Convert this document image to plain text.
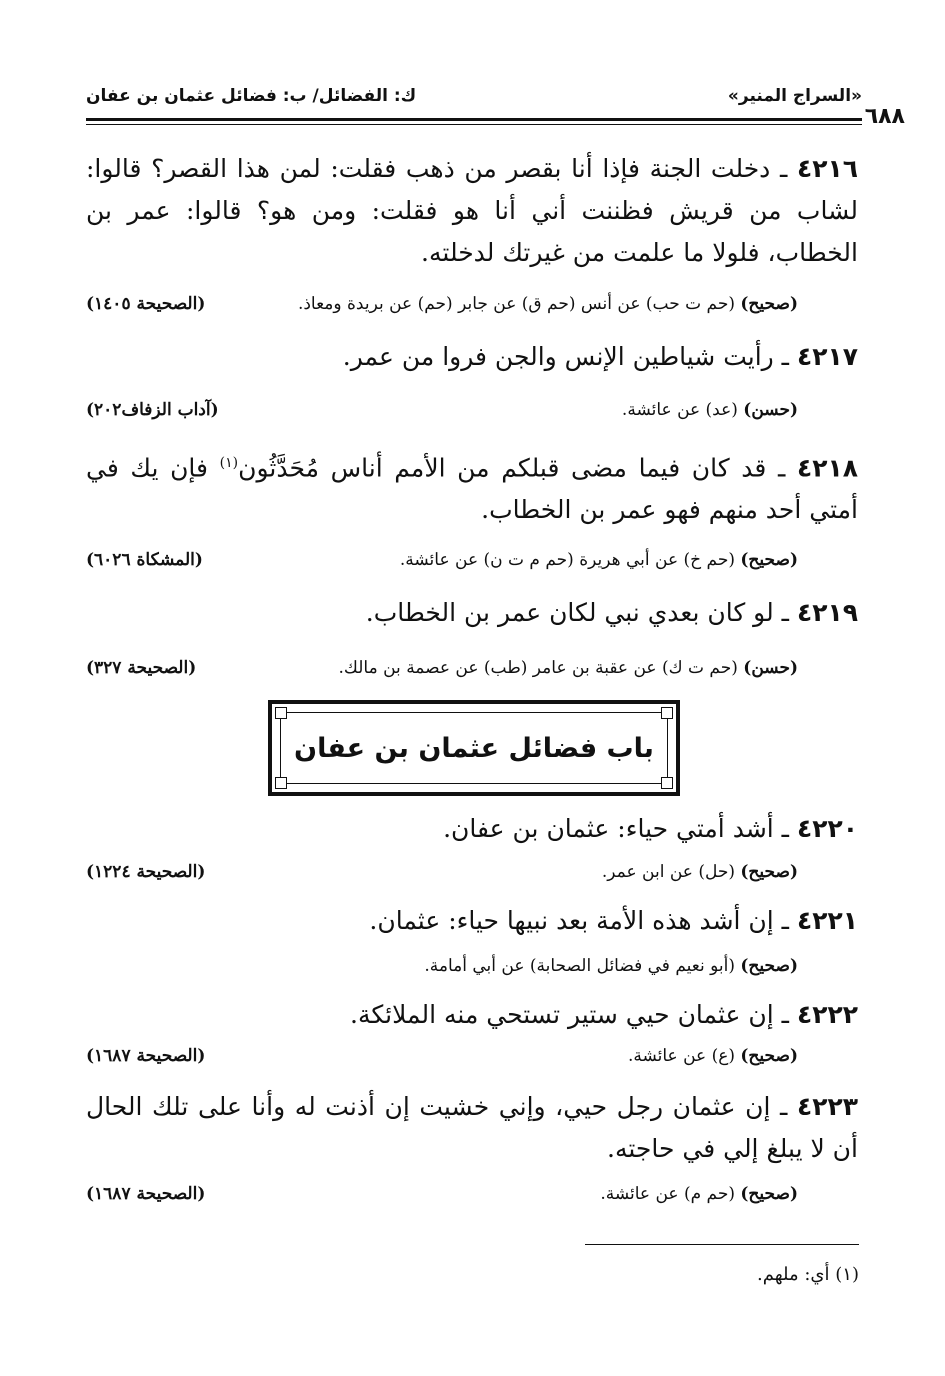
«السراج المنير»
ك: الفضائل/ ب: فضائل عثمان بن عفان
٦٨٨
٤٢١٦ ـ دخلت الجنة فإذا أنا بقصر من ذهب فقلت: لمن هذا القصر؟ قالوا: لشاب من قريش فظننت أني أنا هو فقلت: ومن هو؟ قالوا: عمر بن الخطاب، فلولا ما علمت من غيرتك لدخلته.
(صحيح) (حم ت حب) عن أنس (حم ق) عن جابر (حم) عن بريدة ومعاذ.
(الصحيحة ١٤٠٥)
٤٢١٧ ـ رأيت شياطين الإنس والجن فروا من عمر.
(حسن) (عد) عن عائشة.
(آداب الزفاف٢٠٢)
٤٢١٨ ـ قد كان فيما مضى قبلكم من الأمم أناس مُحَدَّثُون$^{(١)}$ فإن يك في أمتي أحد منهم فهو عمر بن الخطاب.
(صحيح) (حم خ) عن أبي هريرة (حم م ت ن) عن عائشة.
(المشكاة ٦٠٢٦)
٤٢١٩ ـ لو كان بعدي نبي لكان عمر بن الخطاب.
(حسن) (حم ت ك) عن عقبة بن عامر (طب) عن عصمة بن مالك.
(الصحيحة ٣٢٧)
باب فضائل عثمان بن عفان
٤٢٢٠ ـ أشد أمتي حياء: عثمان بن عفان.
(صحيح) (حل) عن ابن عمر.
(الصحيحة ١٢٢٤)
٤٢٢١ ـ إن أشد هذه الأمة بعد نبيها حياء: عثمان.
(صحيح) (أبو نعيم في فضائل الصحابة) عن أبي أمامة.
٤٢٢٢ ـ إن عثمان حيي ستير تستحي منه الملائكة.
(صحيح) (ع) عن عائشة.
(الصحيحة ١٦٨٧)
٤٢٢٣ ـ إن عثمان رجل حيي، وإني خشيت إن أذنت له وأنا على تلك الحال أن لا يبلغ إلي في حاجته.
(صحيح) (حم م) عن عائشة.
(الصحيحة ١٦٨٧)
(١) أي: ملهم.
